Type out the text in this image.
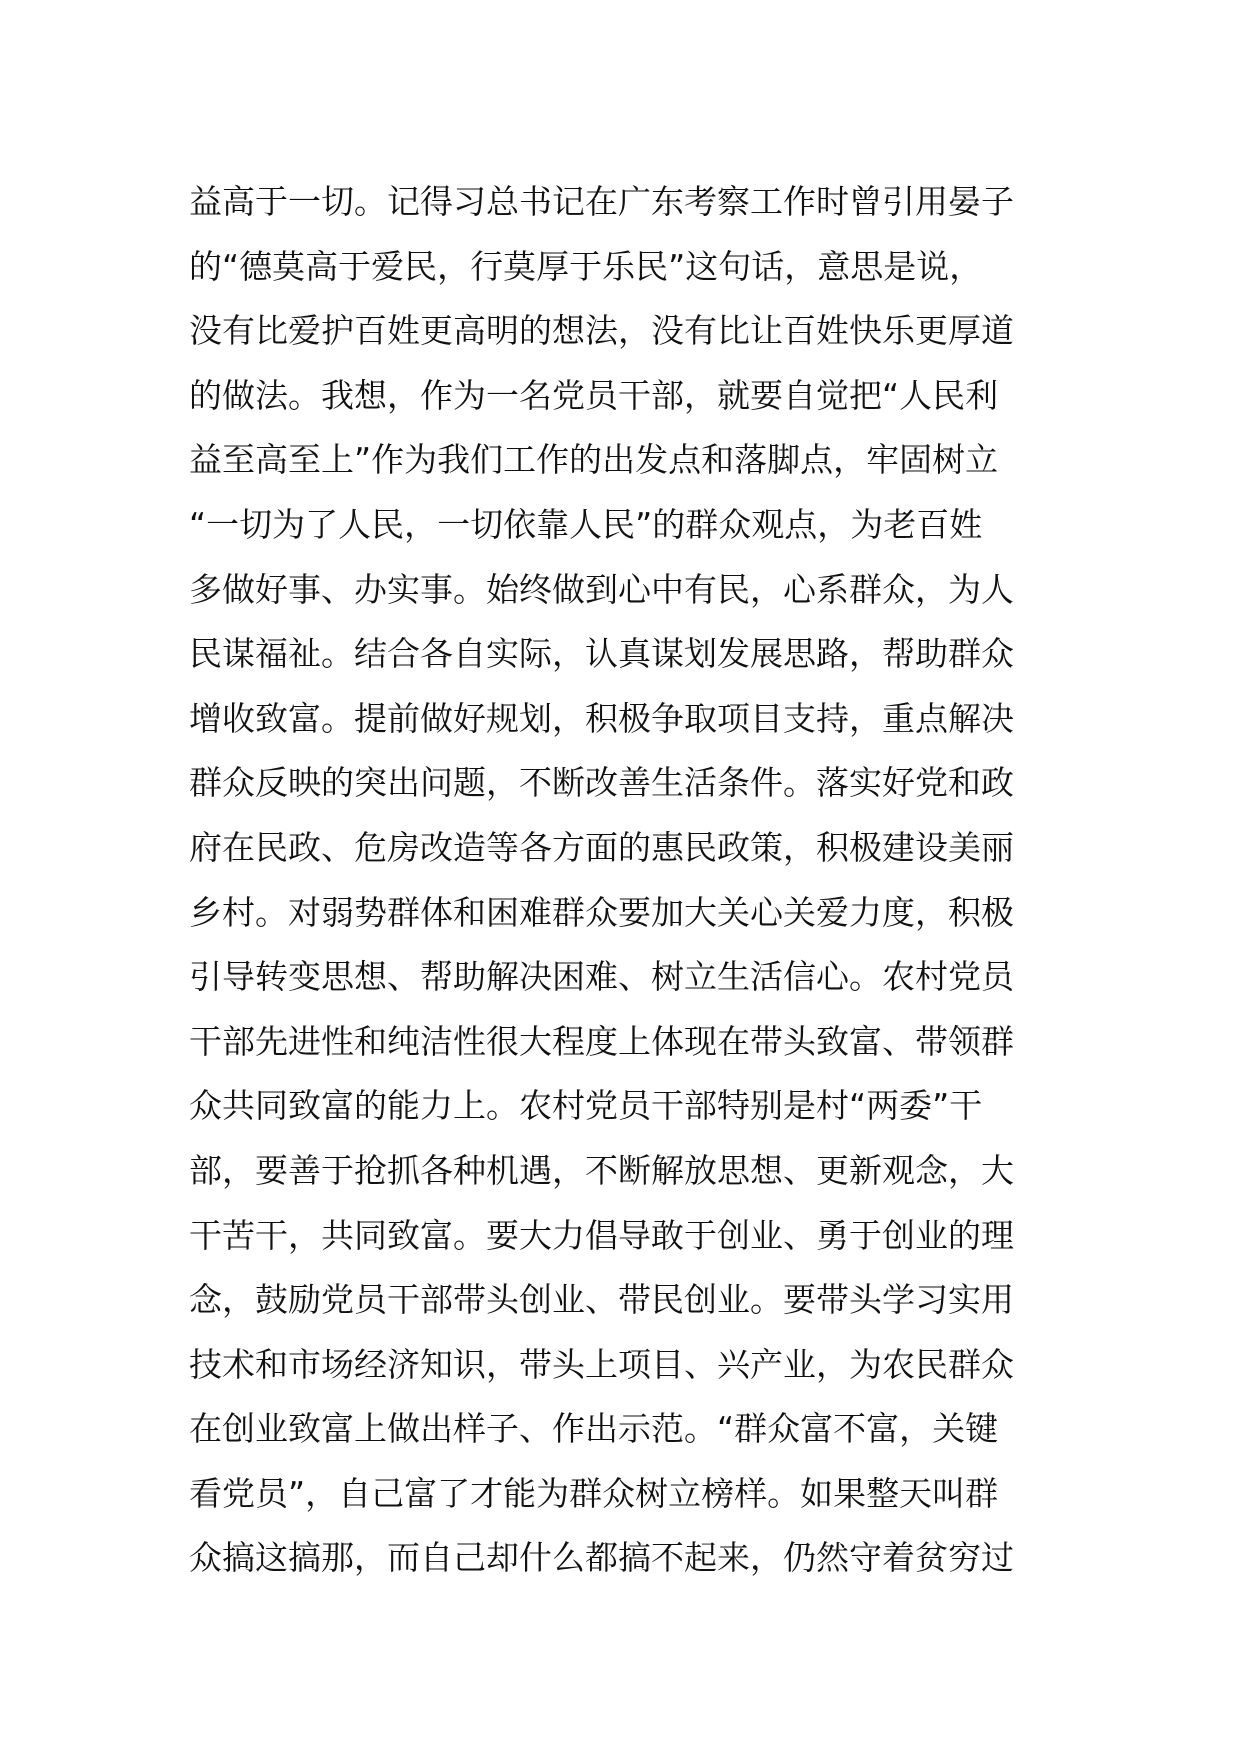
益高于一切。记得习总书记在广东考察工作时曾引用晏子
的“德莫高于爱民，行莫厚于乐民”这句话，意思是说，
没有比爱护百姓更高明的想法，没有比让百姓快乐更厚道
的做法。我想，作为一名党员干部，就要自觉把“人民利
益至高至上”作为我们工作的出发点和落脚点，牢固树立
“一切为了人民，一切依靠人民”的群众观点，为老百姓
多做好事、办实事。始终做到心中有民，心系群众，为人
民谋福祉。结合各自实际，认真谋划发展思路，帮助群众
增收致富。提前做好规划，积极争取项目支持，重点解决
群众反映的突出问题，不断改善生活条件。落实好党和政
府在民政、危房改造等各方面的惠民政策，积极建设美丽
乡村。对弱势群体和困难群众要加大关心关爱力度，积极
引导转变思想、帮助解决困难、树立生活信心。农村党员
干部先进性和纯洁性很大程度上体现在带头致富、带领群
众共同致富的能力上。农村党员干部特别是村“两委”干
部，要善于抢抓各种机遇，不断解放思想、更新观念，大
干苦干，共同致富。要大力倡导敢于创业、勇于创业的理
念，鼓励党员干部带头创业、带民创业。要带头学习实用
技术和市场经济知识，带头上项目、兴产业，为农民群众
在创业致富上做出样子、作出示范。“群众富不富，关键
看党员”，自己富了才能为群众树立榜样。如果整天叫群
众搞这搞那，而自己却什么都搞不起来，仍然守着贫穷过
